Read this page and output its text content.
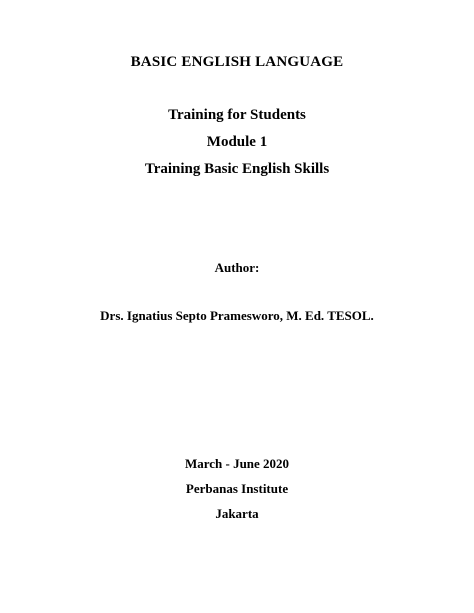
BASIC ENGLISH LANGUAGE
Training for Students
Module 1
Training Basic English Skills
Author:
Drs. Ignatius Septo Pramesworo, M. Ed. TESOL.
March - June 2020
Perbanas Institute
Jakarta
